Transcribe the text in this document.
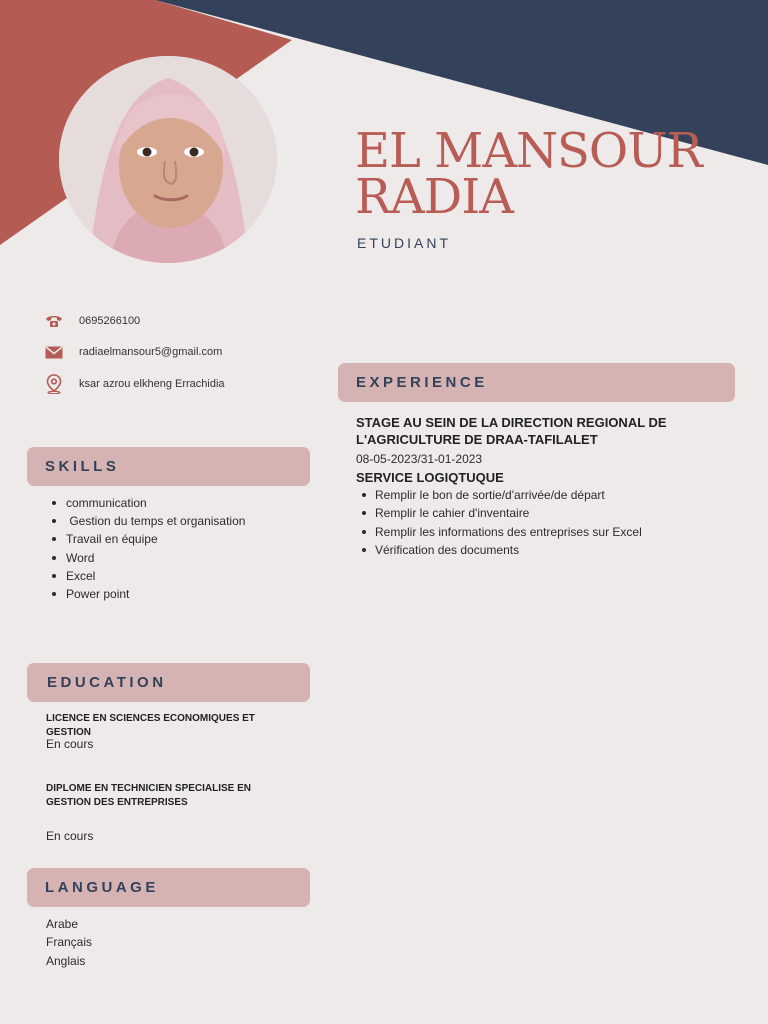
EL MANSOUR
RADIA
ETUDIANT
0695266100
radiaelmansour5@gmail.com
ksar azrou elkheng Errachidia
SKILLS
communication
Gestion du temps et organisation
Travail en équipe
Word
Excel
Power point
EDUCATION
LICENCE EN SCIENCES ECONOMIQUES ET GESTION
En cours
DIPLOME EN TECHNICIEN SPECIALISE EN GESTION DES ENTREPRISES
En cours
LANGUAGE
Arabe
Français
Anglais
EXPERIENCE
STAGE AU SEIN DE LA DIRECTION REGIONAL DE L'AGRICULTURE DE DRAA-TAFILALET
08-05-2023/31-01-2023
SERVICE LOGIQTUQUE
Remplir le bon de sortie/d'arrivée/de départ
Remplir le cahier d'inventaire
Remplir les informations des entreprises sur Excel
Vérification des documents
